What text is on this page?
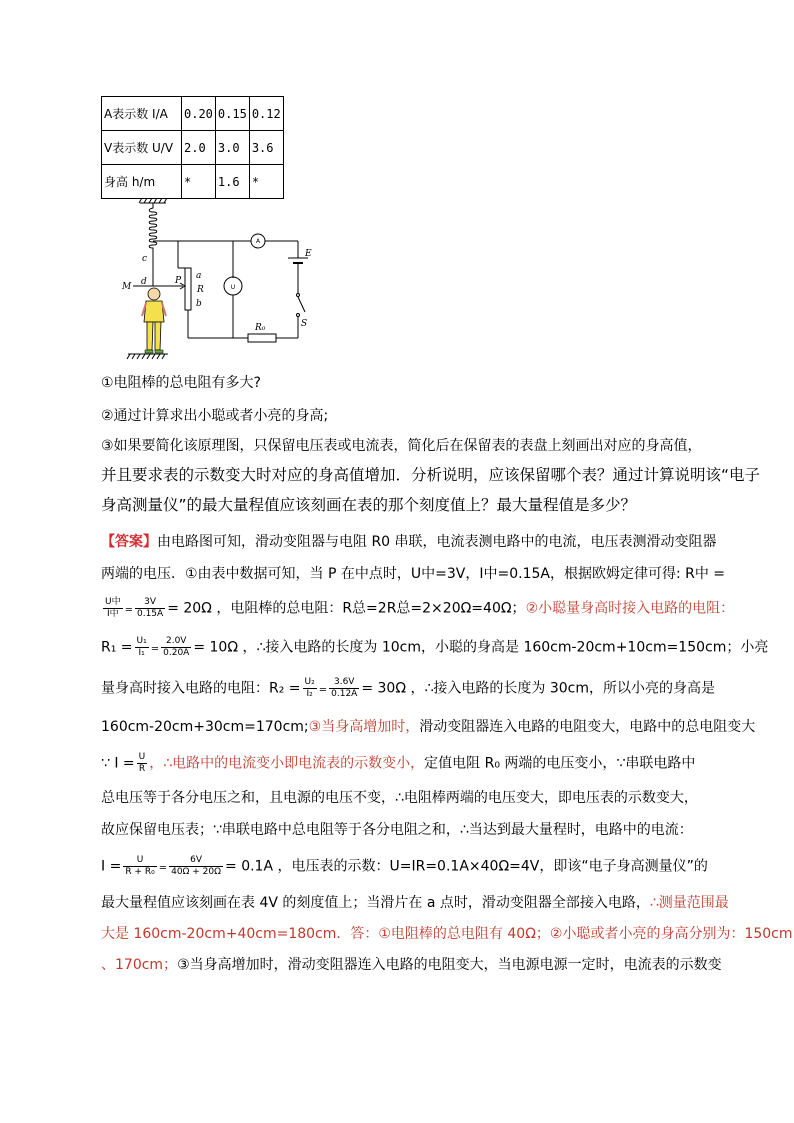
A表示数 I/A	0.20	0.15	0.12
V表示数 U/V	2.0	3.0	3.6
身高 h/m	*	1.6	*
c
M d	P a
R
b
E
S
R₀
A
U
①电阻棒的总电阻有多大?
②通过计算求出小聪或者小亮的身高;
③如果要简化该原理图，只保留电压表或电流表，简化后在保留表的表盘上刻画出对应的身高值，
并且要求表的示数变大时对应的身高值增加．分析说明，应该保留哪个表？通过计算说明该“电子
身高测量仪”的最大量程值应该刻画在表的那个刻度值上？最大量程值是多少？
【答案】由电路图可知，滑动变阻器与电阻 R0 串联，电流表测电路中的电流，电压表测滑动变阻器
两端的电压．①由表中数据可知，当 P 在中点时，U中=3V，I中=0.15A，根据欧姆定律可得: R中 =
$\frac{\text{U中}}{\text{I中}} = \frac{3V}{0.15A} = 20\Omega$ ，电阻棒的总电阻：R总=2R总=2×20Ω=40Ω；②小聪量身高时接入电路的电阻：
$R_1 = \frac{\text{U₁}}{\text{I₁}} = \frac{2.0V}{0.20A} = 10\Omega$ ，∴接入电路的长度为 10cm，小聪的身高是 160cm-20cm+10cm=150cm；小亮
量身高时接入电路的电阻：$R_2 = \frac{\text{U₂}}{\text{I₂}} = \frac{3.6V}{0.12A} = 30\Omega$ ，∴接入电路的长度为 30cm，所以小亮的身高是
160cm-20cm+30cm=170cm;③当身高增加时，滑动变阻器连入电路的电阻变大，电路中的总电阻变大
∵ $I = \frac{U}{R}$ ，∴电路中的电流变小即电流表的示数变小，定值电阻 R₀ 两端的电压变小，∵串联电路中
总电压等于各分电压之和，且电源的电压不变，∴电阻棒两端的电压变大，即电压表的示数变大，
故应保留电压表；∵串联电路中总电阻等于各分电阻之和，∴当达到最大量程时，电路中的电流：
$I = \frac{U}{\text{R + R₀}} = \frac{6V}{40\Omega + 20\Omega} = 0.1A$ ，电压表的示数：U=IR=0.1A×40Ω=4V，即该“电子身高测量仪”的
最大量程值应该刻画在表 4V 的刻度值上；当滑片在 a 点时，滑动变阻器全部接入电路，∴测量范围最
大是 160cm-20cm+40cm=180cm．答：①电阻棒的总电阻有 40Ω；②小聪或者小亮的身高分别为：150cm
、170cm；③当身高增加时，滑动变阻器连入电路的电阻变大，当电源电源一定时，电流表的示数变
